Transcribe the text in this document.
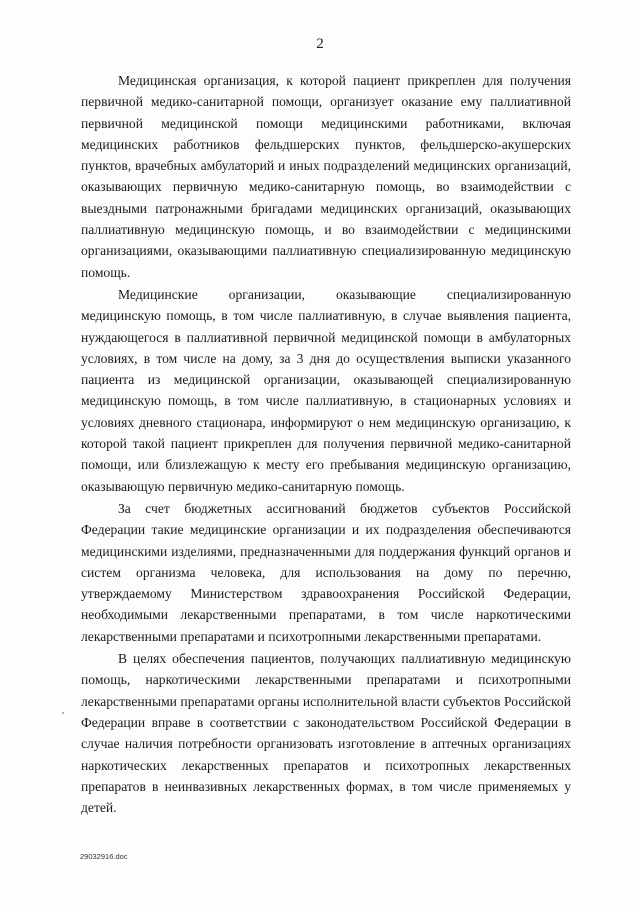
2

Медицинская организация, к которой пациент прикреплен для получения первичной медико-санитарной помощи, организует оказание ему паллиативной первичной медицинской помощи медицинскими работниками, включая медицинских работников фельдшерских пунктов, фельдшерско-акушерских пунктов, врачебных амбулаторий и иных подразделений медицинских организаций, оказывающих первичную медико-санитарную помощь, во взаимодействии с выездными патронажными бригадами медицинских организаций, оказывающих паллиативную медицинскую помощь, и во взаимодействии с медицинскими организациями, оказывающими паллиативную специализированную медицинскую помощь.

Медицинские организации, оказывающие специализированную медицинскую помощь, в том числе паллиативную, в случае выявления пациента, нуждающегося в паллиативной первичной медицинской помощи в амбулаторных условиях, в том числе на дому, за 3 дня до осуществления выписки указанного пациента из медицинской организации, оказывающей специализированную медицинскую помощь, в том числе паллиативную, в стационарных условиях и условиях дневного стационара, информируют о нем медицинскую организацию, к которой такой пациент прикреплен для получения первичной медико-санитарной помощи, или близлежащую к месту его пребывания медицинскую организацию, оказывающую первичную медико-санитарную помощь.

За счет бюджетных ассигнований бюджетов субъектов Российской Федерации такие медицинские организации и их подразделения обеспечиваются медицинскими изделиями, предназначенными для поддержания функций органов и систем организма человека, для использования на дому по перечню, утверждаемому Министерством здравоохранения Российской Федерации, необходимыми лекарственными препаратами, в том числе наркотическими лекарственными препаратами и психотропными лекарственными препаратами.

В целях обеспечения пациентов, получающих паллиативную медицинскую помощь, наркотическими лекарственными препаратами и психотропными лекарственными препаратами органы исполнительной власти субъектов Российской Федерации вправе в соответствии с законодательством Российской Федерации в случае наличия потребности организовать изготовление в аптечных организациях наркотических лекарственных препаратов и психотропных лекарственных препаратов в неинвазивных лекарственных формах, в том числе применяемых у детей.

29032916.doc
